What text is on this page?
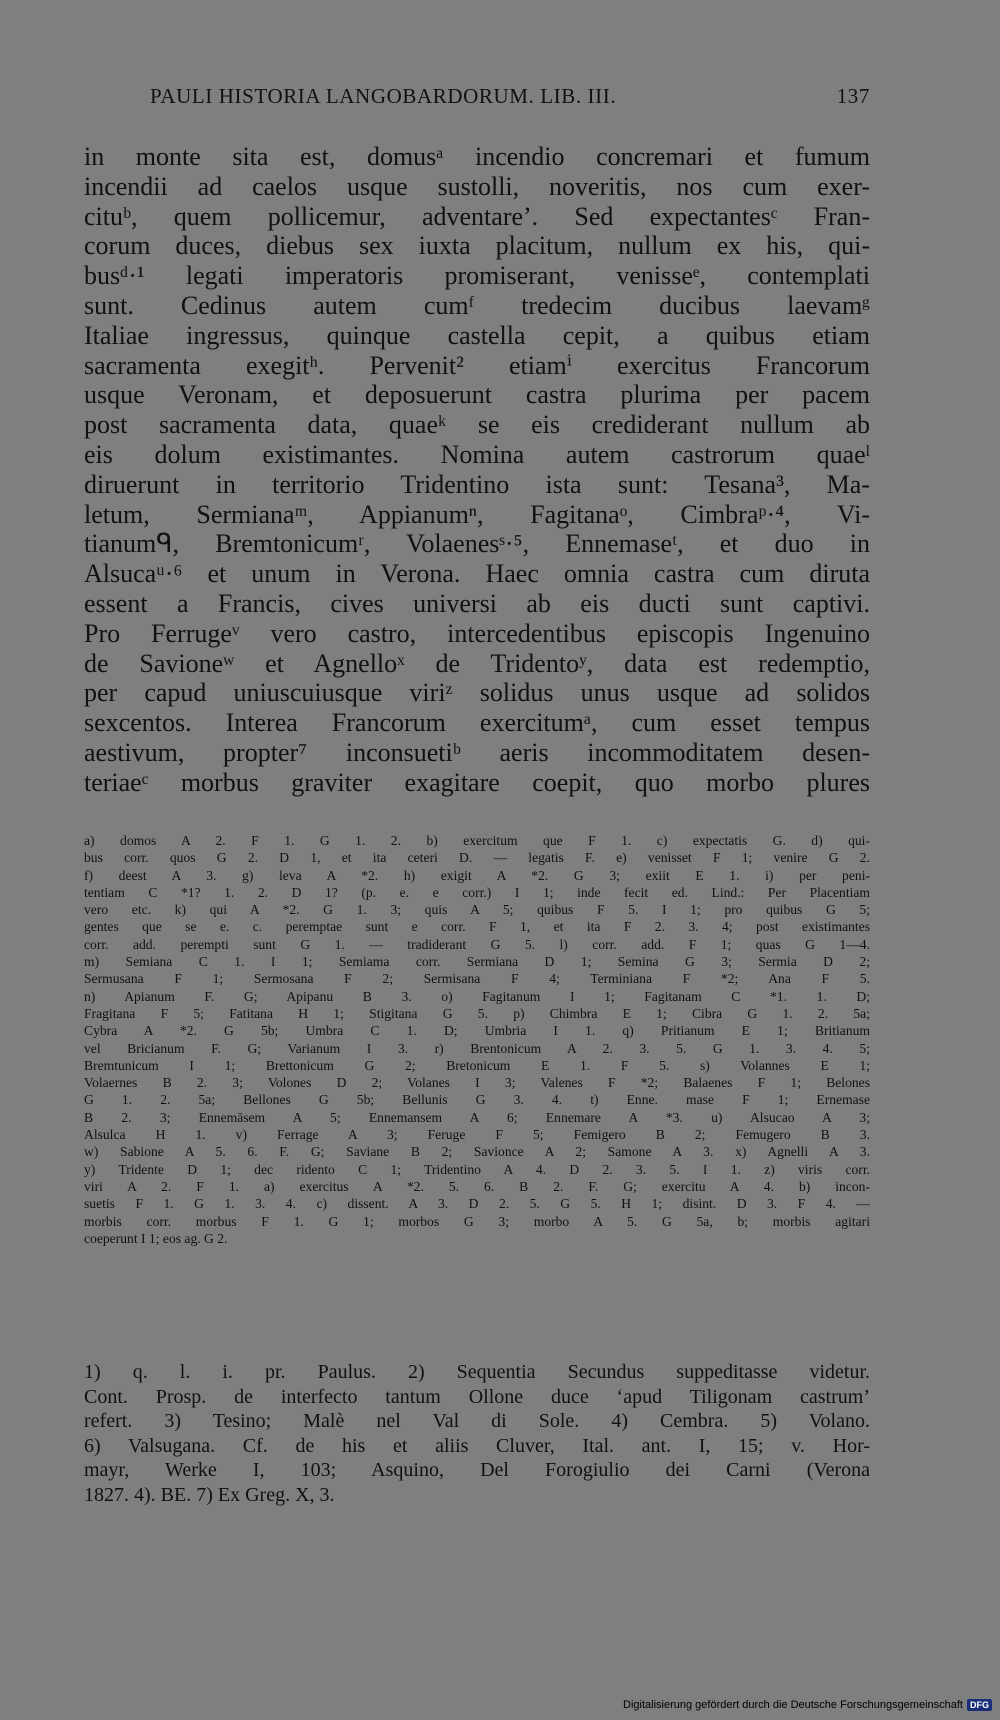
PAULI HISTORIA LANGOBARDORUM. LIB. III.	137
in monte sita est, domusᵃ incendio concremari et fumum
incendii ad caelos usque sustolli, noveritis, nos cum exer-
cituᵇ, quem pollicemur, adventare’. Sed expectantesᶜ Fran-
corum duces, diebus sex iuxta placitum, nullum ex his, qui-
busᵈ·¹ legati imperatoris promiserant, venisseᵉ, contemplati
sunt. Cedinus autem cumᶠ tredecim ducibus laevamᵍ
Italiae ingressus, quinque castella cepit, a quibus etiam
sacramenta exegitʰ. Pervenit² etiamⁱ exercitus Francorum
usque Veronam, et deposuerunt castra plurima per pacem
post sacramenta data, quaeᵏ se eis crediderant nullum ab
eis dolum existimantes. Nomina autem castrorum quaeˡ
diruerunt in territorio Tridentino ista sunt: Tesana³, Ma-
letum, Sermianaᵐ, Appianumⁿ, Fagitanaᵒ, Cimbraᵖ·⁴, Vi-
tianumᑫ, Bremtonicumʳ, Volaenesˢ·⁵, Ennemaseᵗ, et duo in
Alsucaᵘ·⁶ et unum in Verona. Haec omnia castra cum diruta
essent a Francis, cives universi ab eis ducti sunt captivi.
Pro Ferrugeᵛ vero castro, intercedentibus episcopis Ingenuino
de Savioneʷ et Agnelloˣ de Tridentoʸ, data est redemptio,
per capud uniuscuiusque viriᶻ solidus unus usque ad solidos
sexcentos. Interea Francorum exercitumᵃ, cum esset tempus
aestivum, propter⁷ inconsuetiᵇ aeris incommoditatem desen-
teriaeᶜ morbus graviter exagitare coepit, quo morbo plures
a) domos A 2. F 1. G 1. 2. b) exercitum que F 1. c) expectatis G. d) qui-
bus corr. quos G 2. D 1, et ita ceteri D. — legatis F. e) venisset F 1; venire G 2.
f) deest A 3. g) leva A *2. h) exigit A *2. G 3; exiit E 1. i) per peni-
tentiam C *1? 1. 2. D 1? (p. e. e corr.) I 1; inde fecit ed. Lind.: Per Placentiam
vero etc. k) qui A *2. G 1. 3; quis A 5; quibus F 5. I 1; pro quibus G 5;
gentes que se e. c. peremptae sunt e corr. F 1, et ita F 2. 3. 4; post existimantes
corr. add. perempti sunt G 1. — tradiderant G 5. l) corr. add. F 1; quas G 1—4.
m) Semiana C 1. I 1; Semiama corr. Sermiana D 1; Semina G 3; Sermia D 2;
Sermusana F 1; Sermosana F 2; Sermisana F 4; Terminiana F *2; Ana F 5.
n) Apianum F. G; Apipanu B 3. o) Fagitanum I 1; Fagitanam C *1. 1. D;
Fragitana F 5; Fatitana H 1; Stigitana G 5. p) Chimbra E 1; Cibra G 1. 2. 5a;
Cybra A *2. G 5b; Umbra C 1. D; Umbria I 1. q) Pritianum E 1; Britianum
vel Bricianum F. G; Varianum I 3. r) Brentonicum A 2. 3. 5. G 1. 3. 4. 5;
Bremtunicum I 1; Brettonicum G 2; Bretonicum E 1. F 5. s) Volannes E 1;
Volaernes B 2. 3; Volones D 2; Volanes I 3; Valenes F *2; Balaenes F 1; Belones
G 1. 2. 5a; Bellones G 5b; Bellunis G 3. 4. t) Enne. mase F 1; Ernemase
B 2. 3; Ennemāsem A 5; Ennemansem A 6; Ennemare A *3. u) Alsucao A 3;
Alsulca H 1. v) Ferrage A 3; Feruge F 5; Femigero B 2; Femugero B 3.
w) Sabione A 5. 6. F. G; Saviane B 2; Savionce A 2; Samone A 3. x) Agnelli A 3.
y) Tridente D 1; dec ridento C 1; Tridentino A 4. D 2. 3. 5. I 1. z) viris corr.
viri A 2. F 1. a) exercitus A *2. 5. 6. B 2. F. G; exercitu A 4. b) incon-
suetis F 1. G 1. 3. 4. c) dissent. A 3. D 2. 5. G 5. H 1; disint. D 3. F 4. —
morbis corr. morbus F 1. G 1; morbos G 3; morbo A 5. G 5a, b; morbis agitari
coeperunt I 1; eos ag. G 2.
1) q. l. i. pr. Paulus. 2) Sequentia Secundus suppeditasse videtur.
Cont. Prosp. de interfecto tantum Ollone duce ‘apud Tiligonam castrum’
refert. 3) Tesino; Malè nel Val di Sole. 4) Cembra. 5) Volano.
6) Valsugana. Cf. de his et aliis Cluver, Ital. ant. I, 15; v. Hor-
mayr, Werke I, 103; Asquino, Del Forogiulio dei Carni (Verona
1827. 4). BE. 7) Ex Greg. X, 3.
Digitalisierung gefördert durch die Deutsche Forschungsgemeinschaft DFG
